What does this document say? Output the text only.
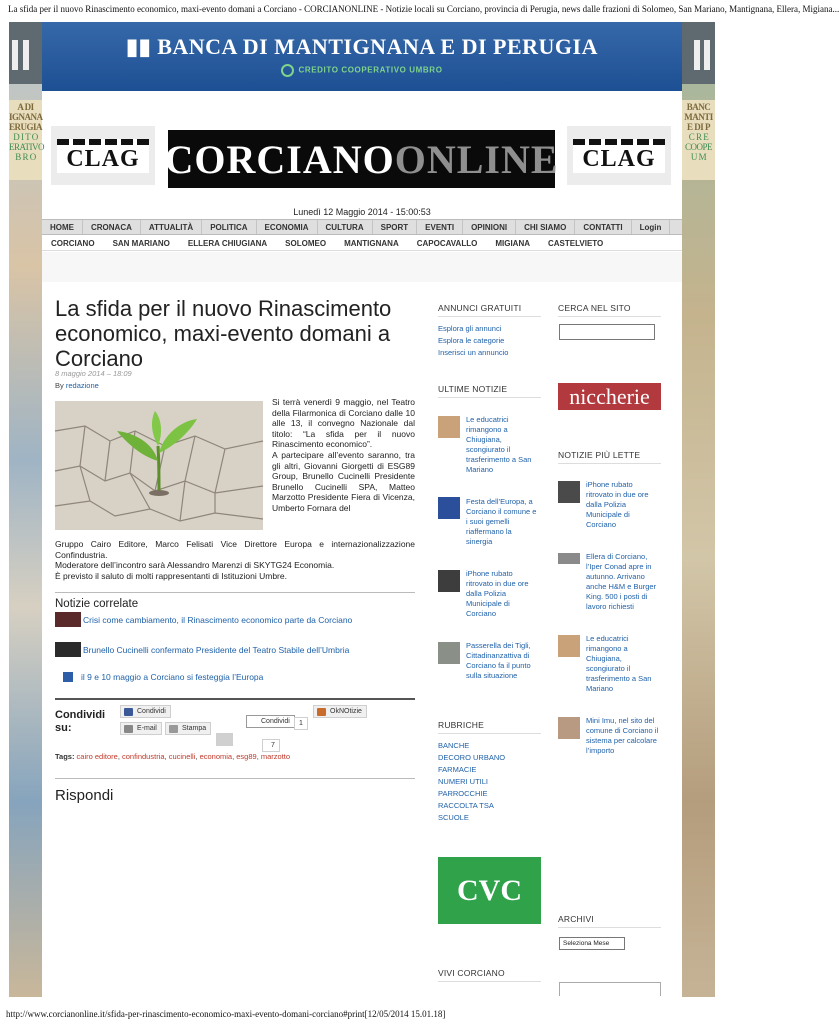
La sfida per il nuovo Rinascimento economico, maxi-evento domani a Corciano - CORCIANONLINE - Notizie locali su Corciano, provincia di Perugia, news dalle frazioni di Solomeo, San Mariano, Mantignana, Ellera, Migiana...
A DI
IGNANA
ERUGIA
D I T O
ERATIVO
B R O
BANC
MANTI
E DI P
C R E
COOPE
U M
▮▮ BANCA DI MANTIGNANA E DI PERUGIA
CREDITO COOPERATIVO UMBRO
CLAG CORCIANO ONLINE CLAG
Lunedì 12 Maggio 2014 - 15:00:53
HOME	CRONACA	ATTUALITÀ	POLITICA	ECONOMIA	CULTURA	SPORT	EVENTI	OPINIONI	CHI SIAMO	CONTATTI	Login
CORCIANO	SAN MARIANO	ELLERA CHIUGIANA	SOLOMEO	MANTIGNANA	CAPOCAVALLO	MIGIANA	CASTELVIETO
La sfida per il nuovo Rinascimento economico, maxi-evento domani a Corciano
8 maggio 2014 – 18:09
By redazione

Si terrà venerdì 9 maggio, nel Teatro della Filarmonica di Corciano dalle 10 alle 13, il convegno Nazionale dal titolo: “La sfida per il nuovo Rinascimento economico”.

A partecipare all’evento saranno, tra gli altri, Giovanni Giorgetti di ESG89 Group, Brunello Cucinelli Presidente Brunello Cucinelli SPA, Matteo Marzotto Presidente Fiera di Vicenza, Umberto Fornara del

Gruppo Cairo Editore, Marco Felisati Vice Direttore Europa e internazionalizzazione Confindustria.

Moderatore dell’incontro sarà Alessandro Marenzi di SKYTG24 Economia.

È previsto il saluto di molti rappresentanti di Istituzioni Umbre.

Notizie correlate
Crisi come cambiamento, il Rinascimento economico parte da Corciano
Brunello Cucinelli confermato Presidente del Teatro Stabile dell’Umbria
il 9 e 10 maggio a Corciano si festeggia l’Europa
Condividi su:
Condividi
E-mail	Stampa
Condividi	1
7
OkNOtizie
Tags: cairo editore, confindustria, cucinelli, economia, esg89, marzotto
Rispondi
ANNUNCI GRATUITI
Esplora gli annunci
Esplora le categorie
Inserisci un annuncio
ULTIME NOTIZIE
Le educatrici rimangono a Chiugiana, scongiurato il trasferimento a San Mariano
Festa dell’Europa, a Corciano il comune e i suoi gemelli riaffermano la sinergia
iPhone rubato ritrovato in due ore dalla Polizia Municipale di Corciano
Passerella dei Tigli, Cittadinanzattiva di Corciano fa il punto sulla situazione
RUBRICHE
BANCHE
DECORO URBANO
FARMACIE
NUMERI UTILI
PARROCCHIE
RACCOLTA TSA
SCUOLE
CVC
VIVI CORCIANO
CERCA NEL SITO
niccherie
NOTIZIE PIÙ LETTE
iPhone rubato ritrovato in due ore dalla Polizia Municipale di Corciano
Ellera di Corciano, l’Iper Conad apre in autunno. Arrivano anche H&M e Burger King. 500 i posti di lavoro richiesti
Le educatrici rimangono a Chiugiana, scongiurato il trasferimento a San Mariano
Mini Imu, nel sito del comune di Corciano il sistema per calcolare l’importo
ARCHIVI
Seleziona Mese
http://www.corcianonline.it/sfida-per-rinascimento-economico-maxi-evento-domani-corciano#print[12/05/2014 15.01.18]
